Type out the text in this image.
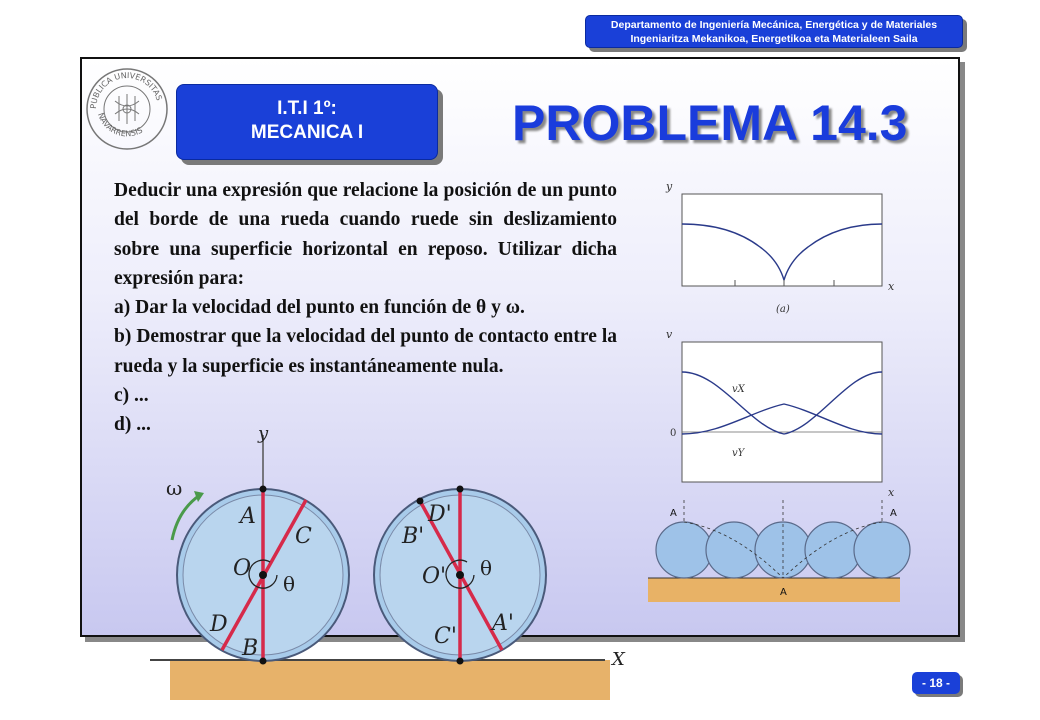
Departamento de Ingeniería Mecánica, Energética y de Materiales
Ingeniaritza Mekanikoa, Energetikoa eta Materialeen Saila
PUBLICA UNIVERSITAS
NAVARRENSIS
I.T.I 1º:
MECANICA I	PROBLEMA 14.3

Deducir una expresión que relacione la posición de un punto del borde de una rueda cuando ruede sin deslizamiento sobre una superficie horizontal en reposo. Utilizar dicha expresión para:

a) Dar la velocidad del punto en función de θ y ω.

b) Demostrar que la velocidad del punto de contacto entre la rueda y la superficie es instantáneamente nula.

c) ...

d) ...

y
x
(a)
v
x
0
vX
vY
A	A
A
X
y
ω
A
C
O
θ
D
B
D'
B'
O' θ
C'
A'
- 18 -
